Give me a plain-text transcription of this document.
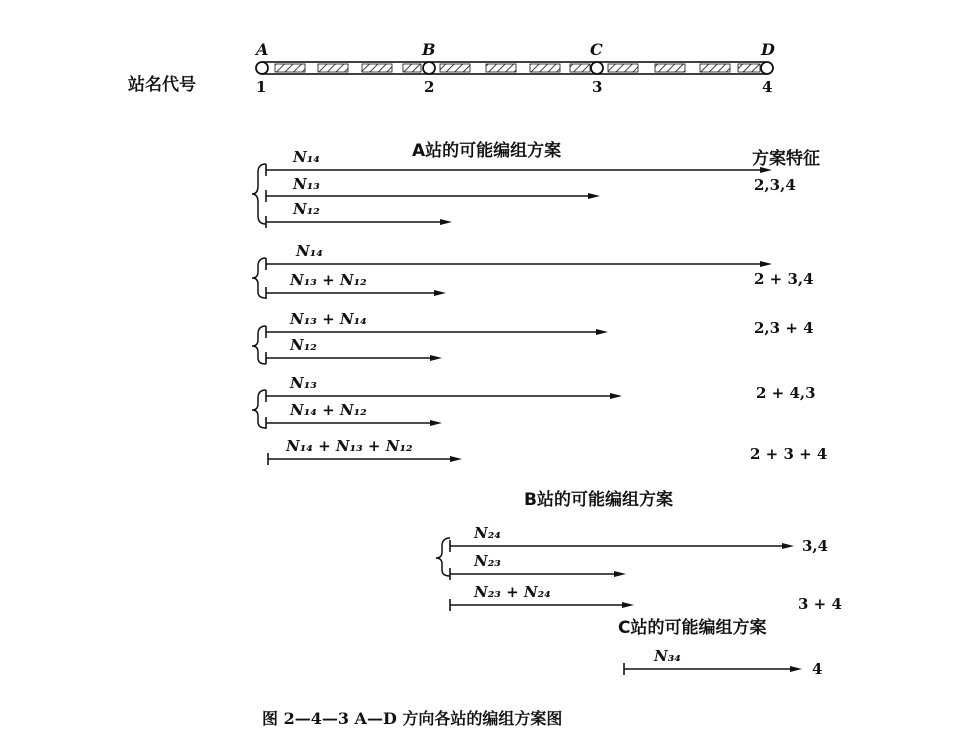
站名代号
A
1
B
2
C
3
D
4
A站的可能编组方案	方案特征
N₁₄
N₁₃
N₁₂
2,3,4
N₁₄
N₁₃ + N₁₂	2 + 3,4
N₁₃ + N₁₄
N₁₂
2,3 + 4
N₁₃
N₁₄ + N₁₂
2 + 4,3
N₁₄ + N₁₃ + N₁₂	2 + 3 + 4
B站的可能编组方案
N₂₄
N₂₃
3,4
N₂₃ + N₂₄
3 + 4
C站的可能编组方案
N₃₄
4
图 2—4—3 A—D 方向各站的编组方案图
